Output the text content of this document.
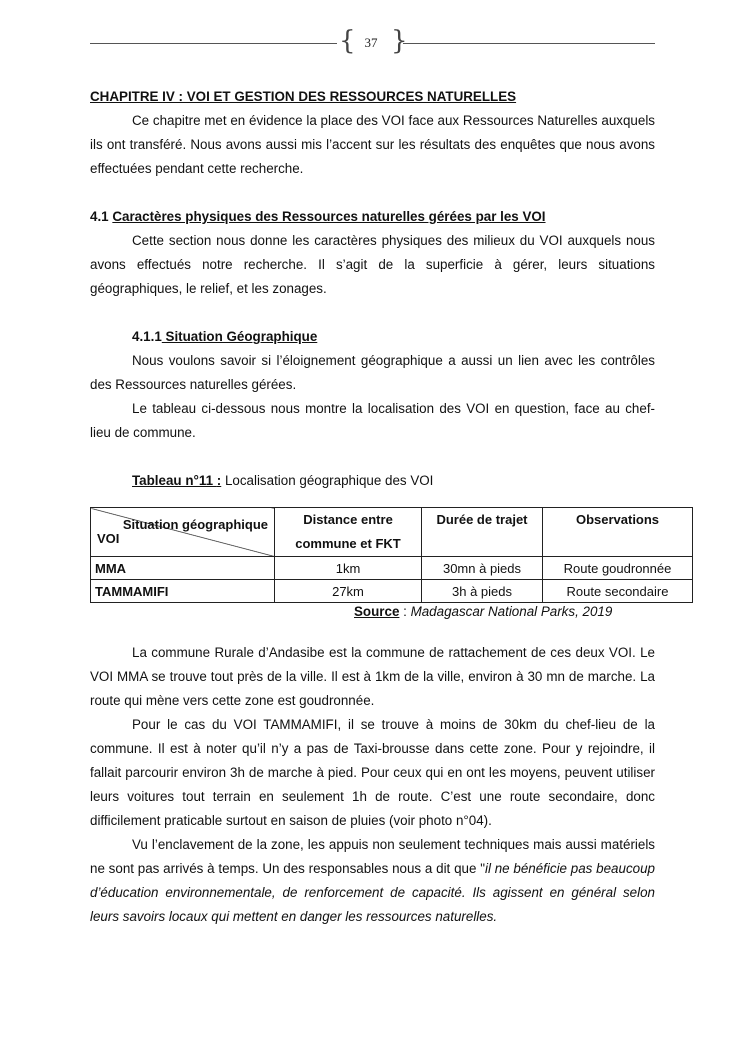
{ 37 }

CHAPITRE IV : VOI ET GESTION DES RESSOURCES NATURELLES

Ce chapitre met en évidence la place des VOI face aux Ressources Naturelles auxquels ils ont transféré. Nous avons aussi mis l’accent sur les résultats des enquêtes que nous avons effectuées pendant cette recherche.

4.1 Caractères physiques des Ressources naturelles gérées par les VOI

Cette section nous donne les caractères physiques des milieux du VOI auxquels nous avons effectués notre recherche. Il s’agit de la superficie à gérer, leurs situations géographiques, le relief, et les zonages.

4.1.1 Situation Géographique

Nous voulons savoir si l’éloignement géographique a aussi un lien avec les contrôles des Ressources naturelles gérées.

Le tableau ci-dessous nous montre la localisation des VOI en question, face au chef-lieu de commune.

Tableau n°11 : Localisation géographique des VOI

Situation géographique
VOI	Distance entre commune et FKT	Durée de trajet	Observations
MMA	1km	30mn à pieds	Route goudronnée
TAMMAMIFI	27km	3h à pieds	Route secondaire
Source : Madagascar National Parks, 2019

La commune Rurale d’Andasibe est la commune de rattachement de ces deux VOI. Le VOI MMA se trouve tout près de la ville. Il est à 1km de la ville, environ à 30 mn de marche. La route qui mène vers cette zone est goudronnée.

Pour le cas du VOI TAMMAMIFI, il se trouve à moins de 30km du chef-lieu de la commune. Il est à noter qu’il n’y a pas de Taxi-brousse dans cette zone. Pour y rejoindre, il fallait parcourir environ 3h de marche à pied. Pour ceux qui en ont les moyens, peuvent utiliser leurs voitures tout terrain en seulement 1h de route. C’est une route secondaire, donc difficilement praticable surtout en saison de pluies (voir photo n°04).

Vu l’enclavement de la zone, les appuis non seulement techniques mais aussi matériels ne sont pas arrivés à temps. Un des responsables nous a dit que "il ne bénéficie pas beaucoup d’éducation environnementale, de renforcement de capacité. Ils agissent en général selon leurs savoirs locaux qui mettent en danger les ressources naturelles.
